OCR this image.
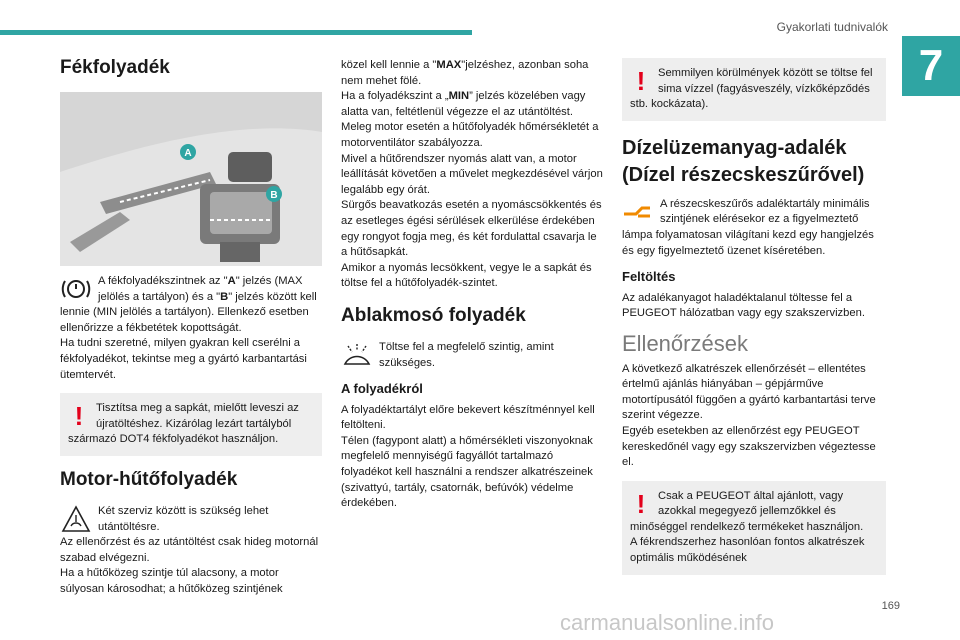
Gyakorlati tudnivalók
7
Fékfolyadék
A
B

A fékfolyadékszintnek az "A" jelzés (MAX jelölés a tartályon) és a "B" jelzés között kell lennie (MIN jelölés a tartályon). Ellenkező esetben ellenőrizze a fékbetétek kopottságát.

Ha tudni szeretné, milyen gyakran kell cserélni a fékfolyadékot, tekintse meg a gyártó karbantartási ütemtervét.

!	Tisztítsa meg a sapkát, mielőtt leveszi az újratöltéshez. Kizárólag lezárt tartályból származó DOT4 fékfolyadékot használjon.

Motor-hűtőfolyadék

Két szerviz között is szükség lehet utántöltésre.

Az ellenőrzést és az utántöltést csak hideg motornál szabad elvégezni.

Ha a hűtőközeg szintje túl alacsony, a motor súlyosan károsodhat; a hűtőközeg szintjének

közel kell lennie a "MAX"jelzéshez, azonban soha nem mehet fölé.

Ha a folyadékszint a „MIN” jelzés közelében vagy alatta van, feltétlenül végezze el az utántöltést.

Meleg motor esetén a hűtőfolyadék hőmérsékletét a motorventilátor szabályozza.

Mivel a hűtőrendszer nyomás alatt van, a motor leállítását követően a művelet megkezdésével várjon legalább egy órát.

Sürgős beavatkozás esetén a nyomáscsökkentés és az esetleges égési sérülések elkerülése érdekében egy rongyot fogja meg, és két fordulattal csavarja le a hűtősapkát.

Amikor a nyomás lecsökkent, vegye le a sapkát és töltse fel a hűtőfolyadék-szintet.

Ablakmosó folyadék

Töltse fel a megfelelő szintig, amint szükséges.

A folyadékról

A folyadéktartályt előre bekevert készítménnyel kell feltölteni.

Télen (fagypont alatt) a hőmérsékleti viszonyoknak megfelelő mennyiségű fagyállót tartalmazó folyadékot kell használni a rendszer alkatrészeinek (szivattyú, tartály, csatornák, befúvók) védelme érdekében.

!	Semmilyen körülmények között se töltse fel sima vízzel (fagyásveszély, vízkőképződés stb. kockázata).

Dízelüzemanyag-adalék (Dízel részecskeszűrővel)

A részecskeszűrős adaléktartály minimális szintjének elérésekor ez a figyelmeztető lámpa folyamatosan világítani kezd egy hangjelzés és egy figyelmeztető üzenet kíséretében.

Feltöltés

Az adalékanyagot haladéktalanul töltesse fel a PEUGEOT hálózatban vagy egy szakszervizben.

Ellenőrzések

A következő alkatrészek ellenőrzését – ellentétes értelmű ajánlás hiányában – gépjárműve motortípusától függően a gyártó karbantartási terve szerint végezze.

Egyéb esetekben az ellenőrzést egy PEUGEOT kereskedőnél vagy egy szakszervizben végeztesse el.

!	Csak a PEUGEOT által ajánlott, vagy azokkal megegyező jellemzőkkel és minőséggel rendelkező termékeket használjon.

A fékrendszerhez hasonlóan fontos alkatrészek optimális működésének

169
carmanualsonline.info
